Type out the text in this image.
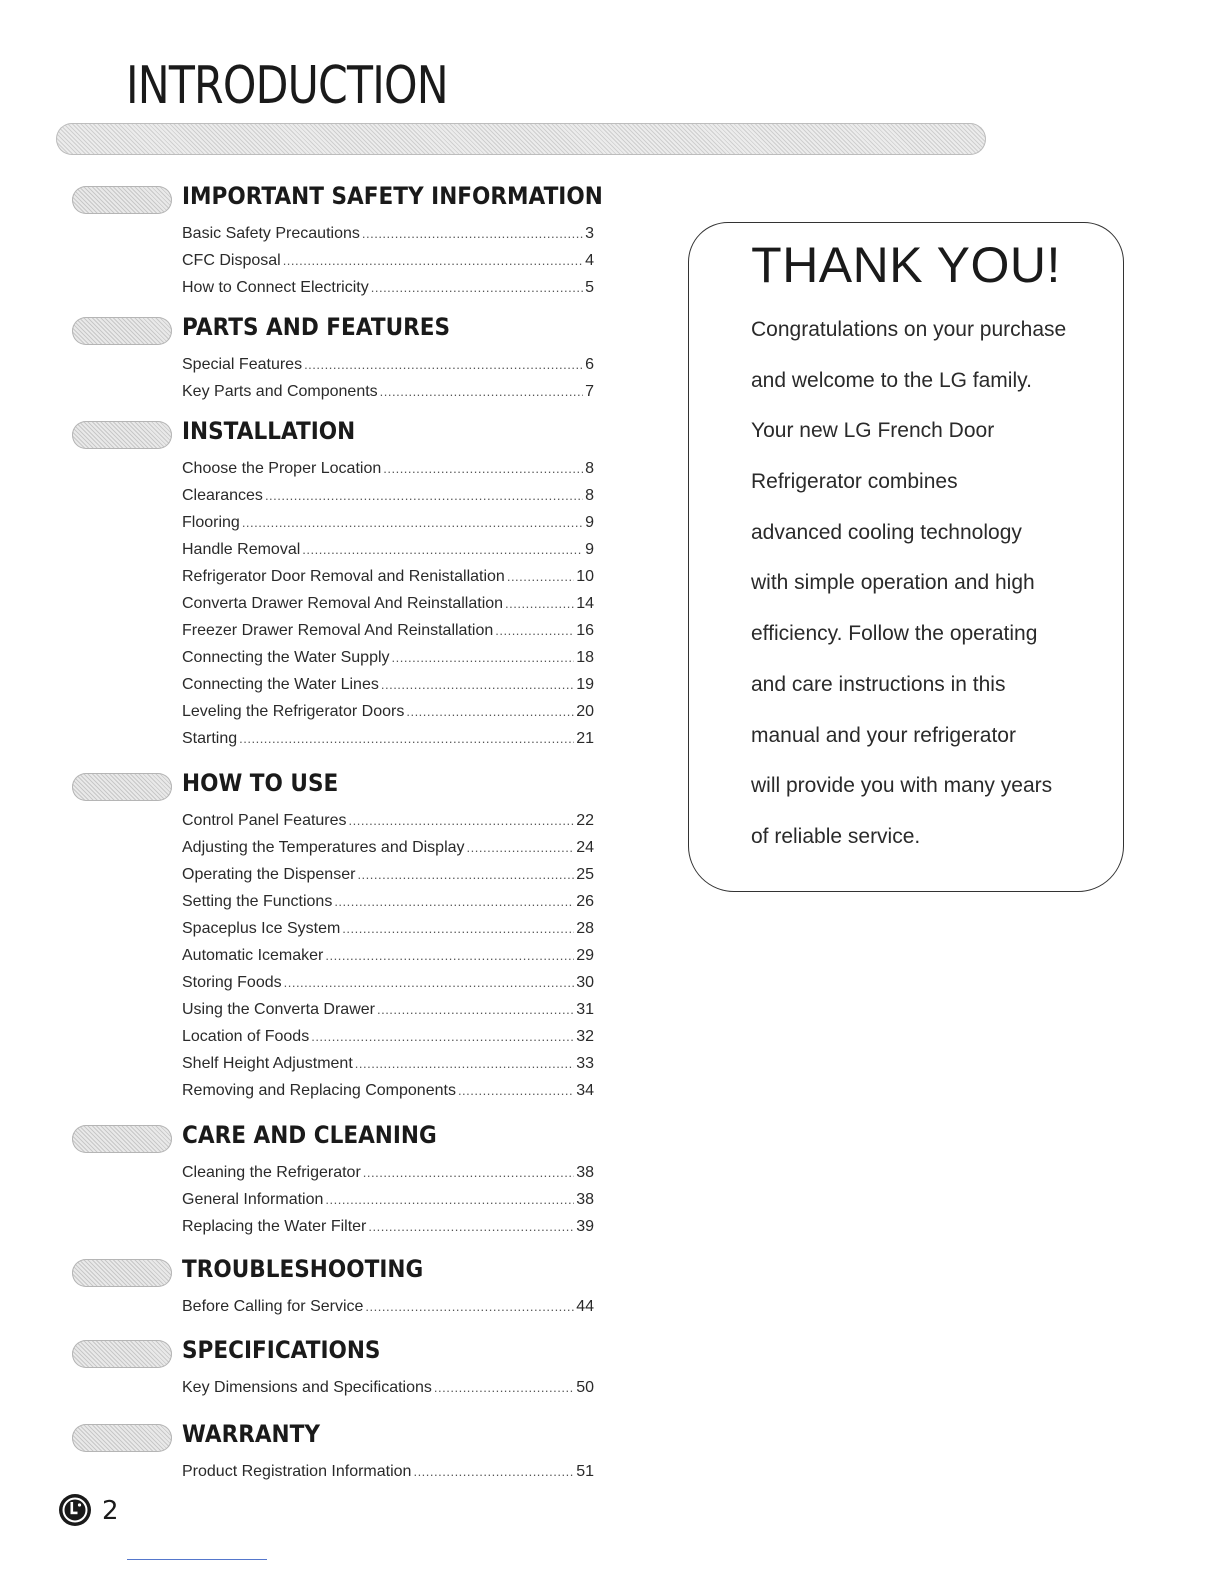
INTRODUCTION
IMPORTANT SAFETY INFORMATION
Basic Safety Precautions .....	3
CFC Disposal .....	4
How to Connect Electricity .....	5
PARTS AND FEATURES
Special Features .....	6
Key Parts and Components .....	7
INSTALLATION
Choose the Proper Location .....	8
Clearances .....	8
Flooring .....	9
Handle Removal .....	9
Refrigerator Door Removal and Renistallation .....	10
Converta Drawer Removal And Reinstallation .....	14
Freezer Drawer Removal And Reinstallation .....	16
Connecting the Water Supply .....	18
Connecting the Water Lines .....	19
Leveling the Refrigerator Doors .....	20
Starting .....	21
HOW TO USE
Control Panel Features .....	22
Adjusting the Temperatures and Display .....	24
Operating the Dispenser .....	25
Setting the Functions .....	26
Spaceplus Ice System .....	28
Automatic Icemaker .....	29
Storing Foods .....	30
Using the Converta Drawer .....	31
Location of Foods .....	32
Shelf Height Adjustment .....	33
Removing and Replacing Components .....	34
CARE AND CLEANING
Cleaning the Refrigerator .....	38
General Information .....	38
Replacing the Water Filter .....	39
TROUBLESHOOTING
Before Calling for Service .....	44
SPECIFICATIONS
Key Dimensions and Specifications .....	50
WARRANTY
Product Registration Information .....	51
THANK YOU!
Congratulations on your purchase
and welcome to the LG family.
Your new LG French Door
Refrigerator combines
advanced cooling technology
with simple operation and high
efficiency. Follow the operating
and care instructions in this
manual and your refrigerator
will provide you with many years
of reliable service.

2
